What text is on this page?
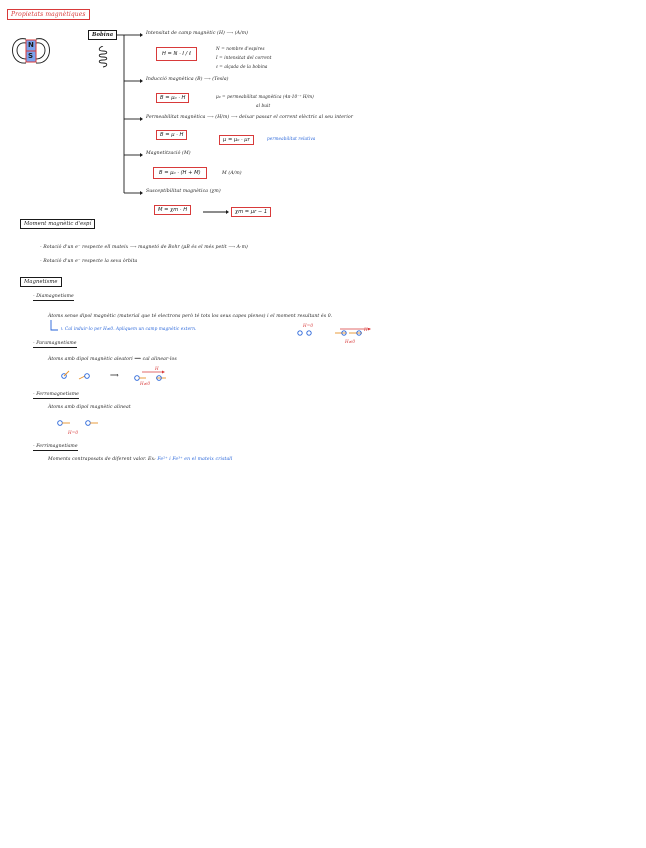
Propietats magnètiques
N
S
Bobina	Intensitat de camp magnètic (H) ⟶ (A/m)
H = N · I / ℓ
N = nombre d'espires
I = intensitat del corrent
ℓ = alçada de la bobina
Inducció magnètica (B) ⟶ (Tesla)
B = μ₀ · H	μ₀ = permeabilitat magnètica (4π·10⁻⁷ H/m)
al buit
Permeabilitat magnètica ⟶ (H/m) ⟶ deixar passar el corrent elèctric al seu interior
B = μ · H
μ = μ₀ · μr	permeabilitat relativa
Magnetització (M)
B = μ₀ · (H + M)	M (A/m)
Susceptibilitat magnètica (χm)
M = χm · H	χm = μr − 1
Moment magnètic d'espí
- Rotació d'un e⁻ respecte ell mateix ⟶ magnetó de Bohr (μB és el més petit ⟶ A·m)
- Rotació d'un e⁻ respecte la seva òrbita
Magnetisme
- Diamagnetisme
Àtoms sense dipol magnètic (material que té electrons però té tots los seus capes plenes) i el moment resultant és 0.
↳ Cal induir-lo per H≠0. Apliquem un camp magnètic extern.
H=0
H
H≠0
- Paramagnetisme
Àtoms amb dipol magnètic aleatori ⟹ cal alinear-los
⟹
H
H≠0
- Ferromagnetisme
Àtoms amb dipol magnètic alineat
H=0
- Ferrimagnetisme
Moments contraposats de diferent valor. Ex: Fe²⁺ i Fe³⁺ en el mateix cristall
